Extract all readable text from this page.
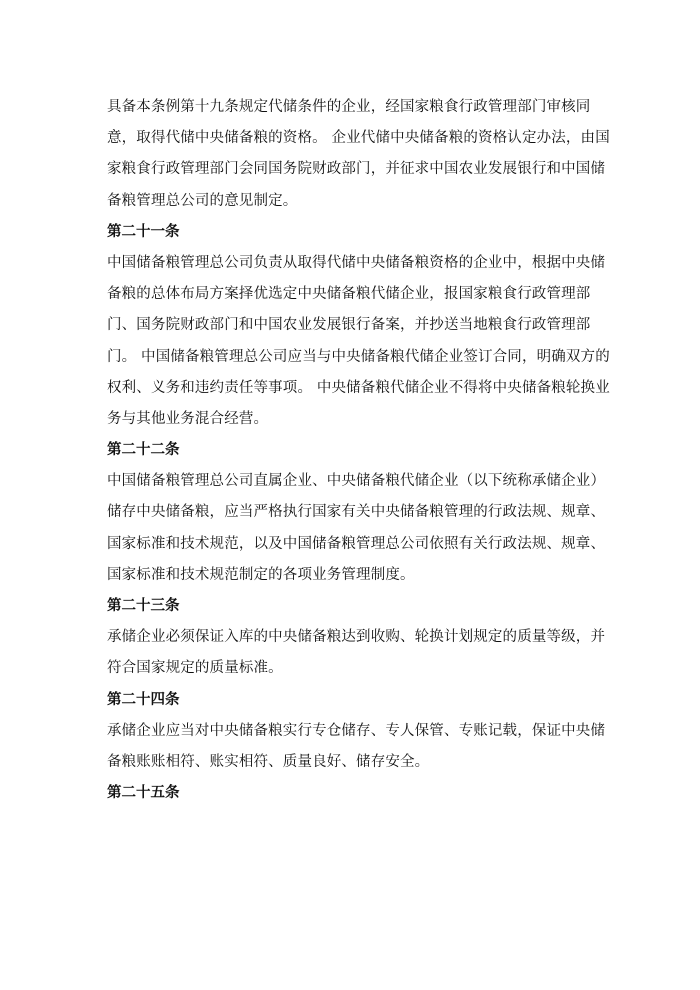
具备本条例第十九条规定代储条件的企业，经国家粮食行政管理部门审核同
意，取得代储中央储备粮的资格。 企业代储中央储备粮的资格认定办法，由国
家粮食行政管理部门会同国务院财政部门，并征求中国农业发展银行和中国储
备粮管理总公司的意见制定。
第二十一条
中国储备粮管理总公司负责从取得代储中央储备粮资格的企业中，根据中央储
备粮的总体布局方案择优选定中央储备粮代储企业，报国家粮食行政管理部
门、国务院财政部门和中国农业发展银行备案，并抄送当地粮食行政管理部
门。 中国储备粮管理总公司应当与中央储备粮代储企业签订合同，明确双方的
权利、义务和违约责任等事项。 中央储备粮代储企业不得将中央储备粮轮换业
务与其他业务混合经营。
第二十二条
中国储备粮管理总公司直属企业、中央储备粮代储企业（以下统称承储企业）
储存中央储备粮，应当严格执行国家有关中央储备粮管理的行政法规、规章、
国家标准和技术规范，以及中国储备粮管理总公司依照有关行政法规、规章、
国家标准和技术规范制定的各项业务管理制度。
第二十三条
承储企业必须保证入库的中央储备粮达到收购、轮换计划规定的质量等级，并
符合国家规定的质量标准。
第二十四条
承储企业应当对中央储备粮实行专仓储存、专人保管、专账记载，保证中央储
备粮账账相符、账实相符、质量良好、储存安全。
第二十五条
